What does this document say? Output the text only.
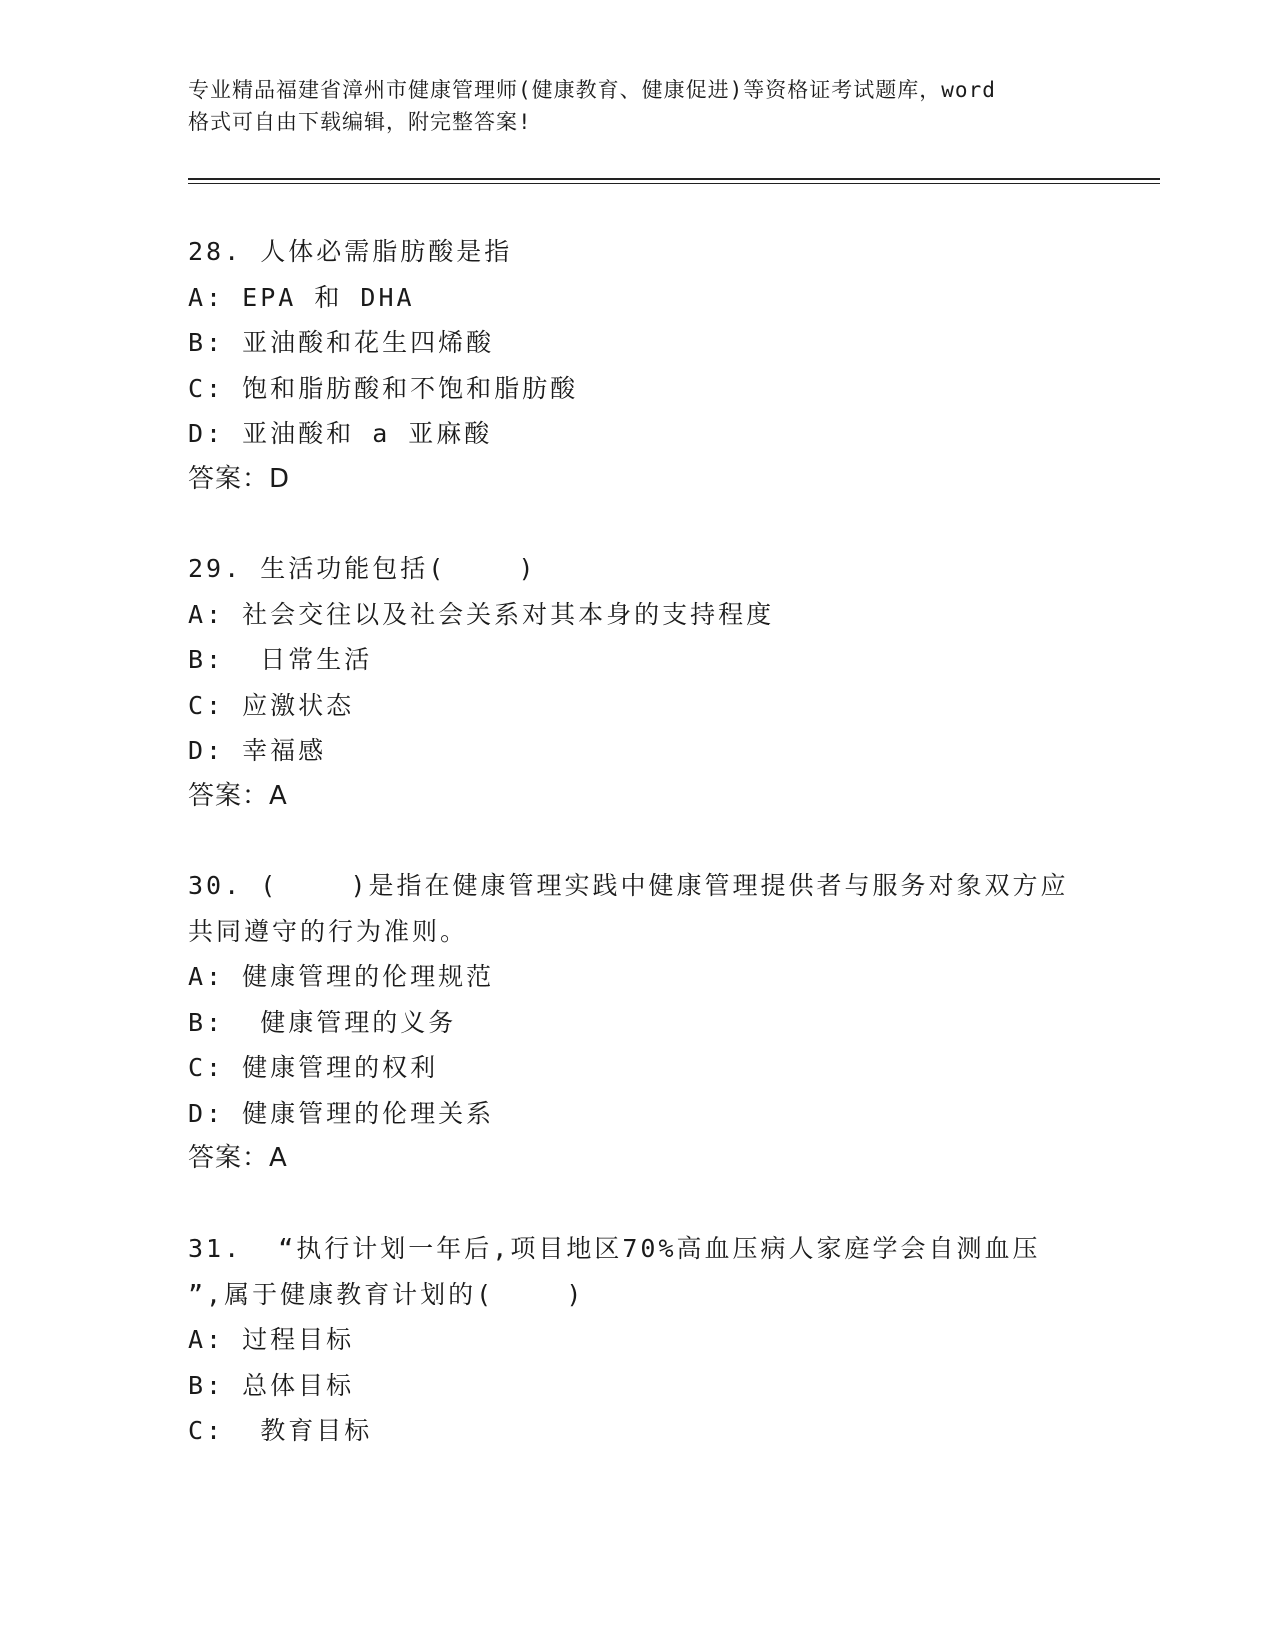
专业精品福建省漳州市健康管理师(健康教育、健康促进)等资格证考试题库，word
格式可自由下载编辑，附完整答案!
28. 人体必需脂肪酸是指
A: EPA 和 DHA
B: 亚油酸和花生四烯酸
C: 饱和脂肪酸和不饱和脂肪酸
D: 亚油酸和 a 亚麻酸
答案：D
29. 生活功能包括(    )
A: 社会交往以及社会关系对其本身的支持程度
B:  日常生活
C: 应激状态
D: 幸福感
答案：A
30. (    )是指在健康管理实践中健康管理提供者与服务对象双方应
共同遵守的行为准则。
A: 健康管理的伦理规范
B:  健康管理的义务
C: 健康管理的权利
D: 健康管理的伦理关系
答案：A
31.  “执行计划一年后,项目地区70%高血压病人家庭学会自测血压
”,属于健康教育计划的(    )
A: 过程目标
B: 总体目标
C:  教育目标
